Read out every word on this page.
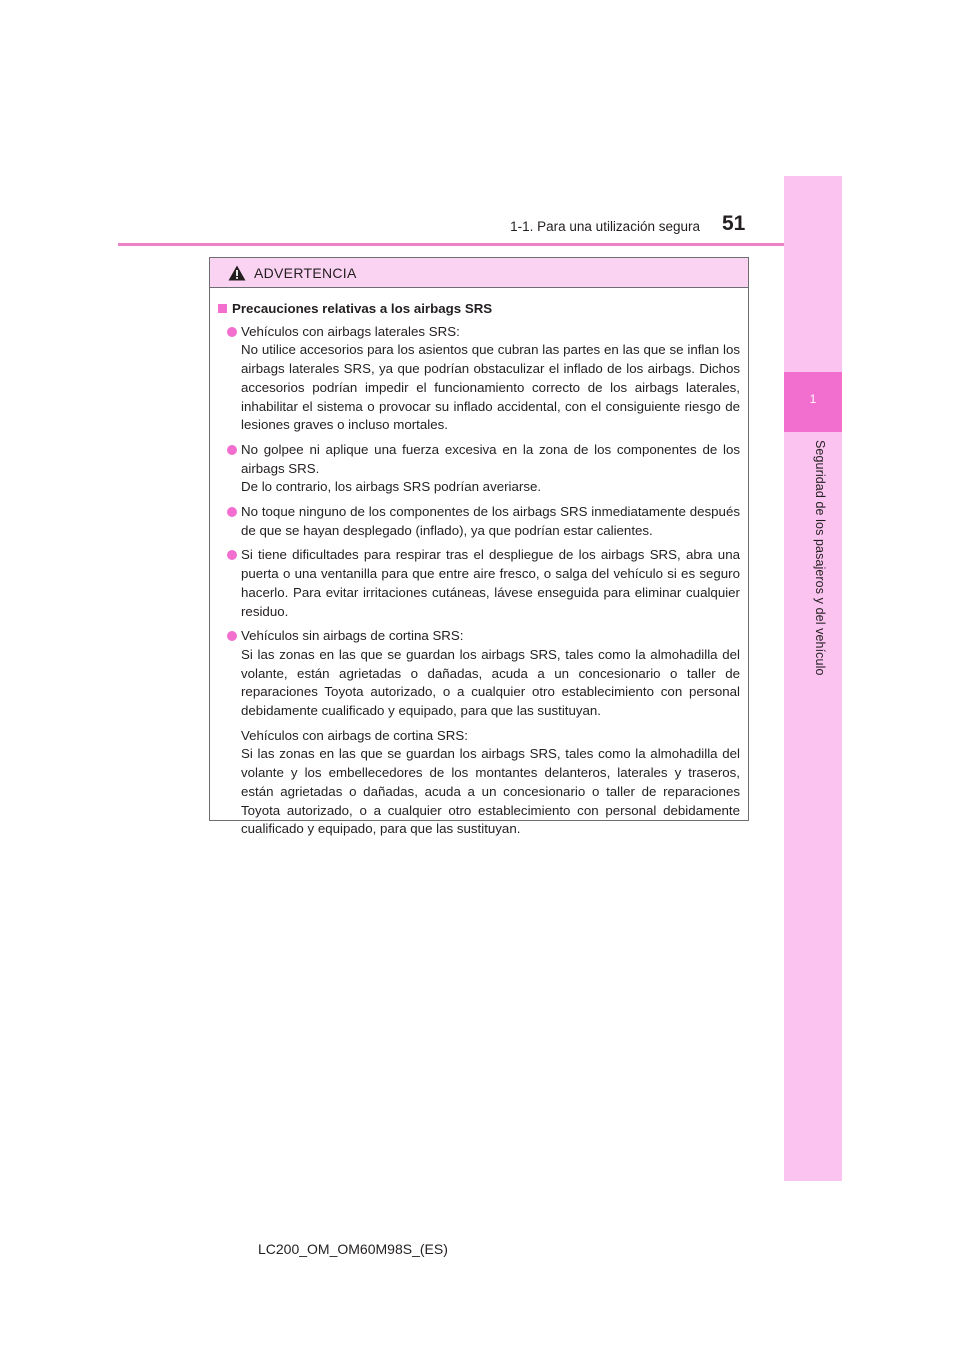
1-1. Para una utilización segura 51
1
Seguridad de los pasajeros y del vehículo
ADVERTENCIA
Precauciones relativas a los airbags SRS
Vehículos con airbags laterales SRS:
No utilice accesorios para los asientos que cubran las partes en las que se inflan los airbags laterales SRS, ya que podrían obstaculizar el inflado de los airbags. Dichos accesorios podrían impedir el funcionamiento correcto de los airbags laterales, inhabilitar el sistema o provocar su inflado accidental, con el consiguiente riesgo de lesiones graves o incluso mortales.
No golpee ni aplique una fuerza excesiva en la zona de los componentes de los airbags SRS.
De lo contrario, los airbags SRS podrían averiarse.
No toque ninguno de los componentes de los airbags SRS inmediatamente después de que se hayan desplegado (inflado), ya que podrían estar calientes.
Si tiene dificultades para respirar tras el despliegue de los airbags SRS, abra una puerta o una ventanilla para que entre aire fresco, o salga del vehículo si es seguro hacerlo. Para evitar irritaciones cutáneas, lávese enseguida para eliminar cualquier residuo.
Vehículos sin airbags de cortina SRS:
Si las zonas en las que se guardan los airbags SRS, tales como la almohadilla del volante, están agrietadas o dañadas, acuda a un concesionario o taller de reparaciones Toyota autorizado, o a cualquier otro establecimiento con personal debidamente cualificado y equipado, para que las sustituyan.
Vehículos con airbags de cortina SRS:
Si las zonas en las que se guardan los airbags SRS, tales como la almohadilla del volante y los embellecedores de los montantes delanteros, laterales y traseros, están agrietadas o dañadas, acuda a un concesionario o taller de reparaciones Toyota autorizado, o a cualquier otro establecimiento con personal debidamente cualificado y equipado, para que las sustituyan.
LC200_OM_OM60M98S_(ES)
